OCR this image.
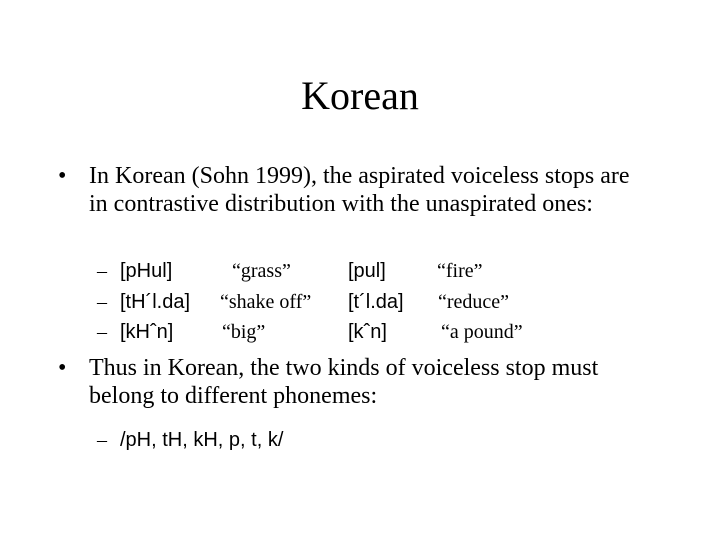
Korean
• In Korean (Sohn 1999), the aspirated voiceless stops are in contrastive distribution with the unaspirated ones:
– [pHul]	“grass”	[pul]	“fire”
– [tH´l.da] “shake off” [t´l.da] “reduce”
– [kHˆn] “big”	[kˆn]	“a pound”
• Thus in Korean, the two kinds of voiceless stop must belong to different phonemes:
– /pH, tH, kH, p, t, k/
